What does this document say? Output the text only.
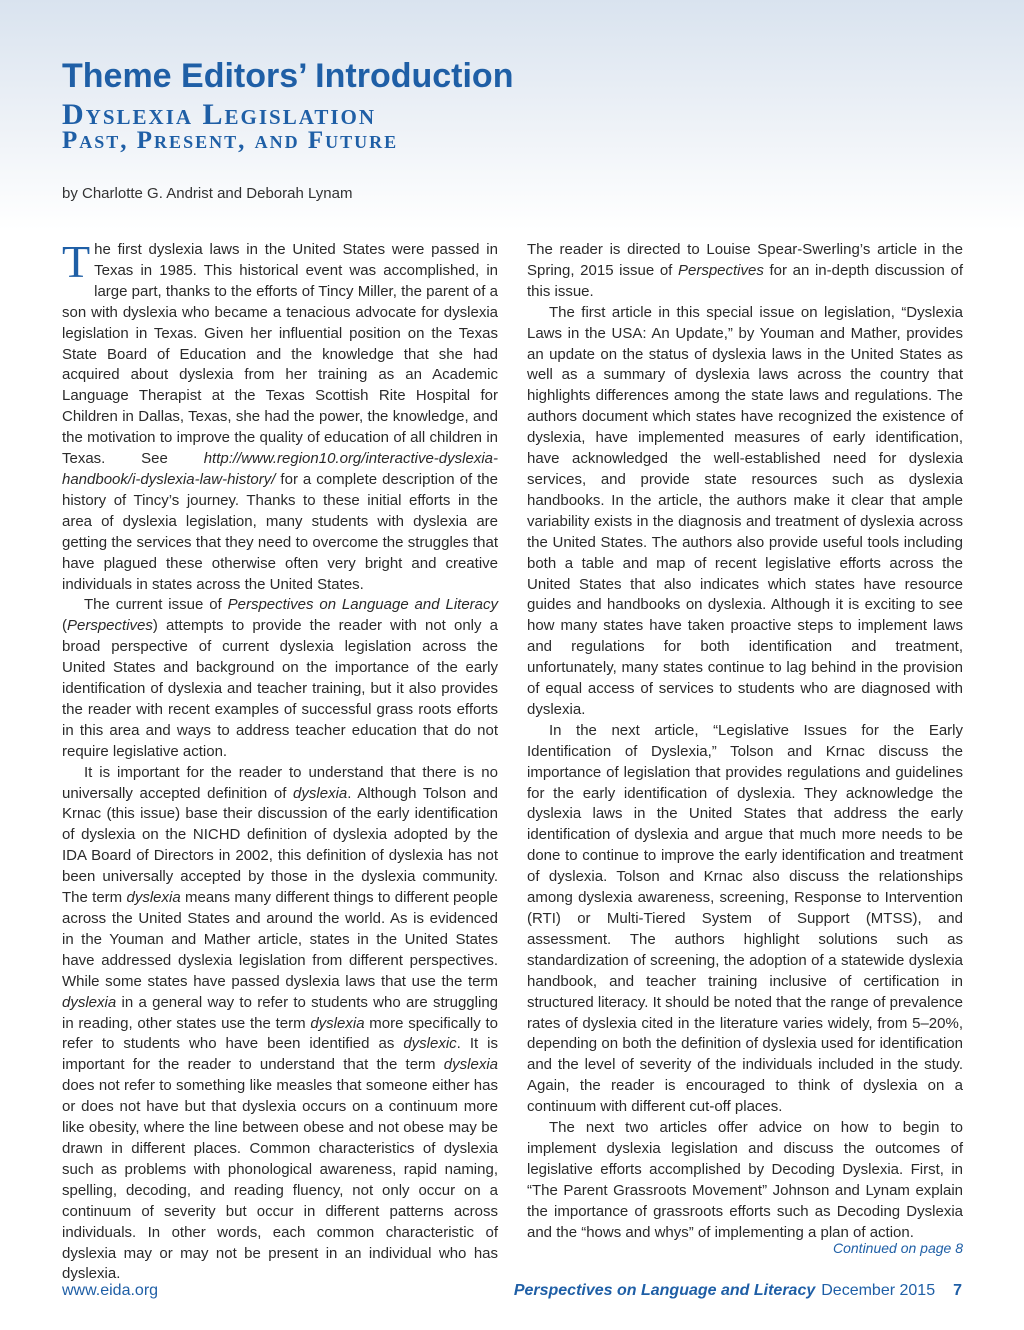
Theme Editors’ Introduction
Dyslexia Legislation
Past, Present, and Future
by Charlotte G. Andrist and Deborah Lynam

The first dyslexia laws in the United States were passed in Texas in 1985. This historical event was accomplished, in large part, thanks to the efforts of Tincy Miller, the parent of a son with dyslexia who became a tenacious advocate for dyslexia legislation in Texas. Given her influential position on the Texas State Board of Education and the knowledge that she had acquired about dyslexia from her training as an Academic Language Therapist at the Texas Scottish Rite Hospital for Children in Dallas, Texas, she had the power, the knowledge, and the motivation to improve the quality of education of all children in Texas. See http://www.region10.org/interactive-dyslexia-handbook/i-dyslexia-law-history/ for a complete description of the history of Tincy’s journey. Thanks to these initial efforts in the area of dyslexia legislation, many students with dyslexia are getting the services that they need to overcome the struggles that have plagued these otherwise often very bright and creative individuals in states across the United States.

The current issue of Perspectives on Language and Literacy (Perspectives) attempts to provide the reader with not only a broad perspective of current dyslexia legislation across the United States and background on the importance of the early identification of dyslexia and teacher training, but it also provides the reader with recent examples of successful grass roots efforts in this area and ways to address teacher education that do not require legislative action.

It is important for the reader to understand that there is no universally accepted definition of dyslexia. Although Tolson and Krnac (this issue) base their discussion of the early identification of dyslexia on the NICHD definition of dyslexia adopted by the IDA Board of Directors in 2002, this definition of dyslexia has not been universally accepted by those in the dyslexia community. The term dyslexia means many different things to different people across the United States and around the world. As is evidenced in the Youman and Mather article, states in the United States have addressed dyslexia legislation from different perspectives. While some states have passed dyslexia laws that use the term dyslexia in a general way to refer to students who are struggling in reading, other states use the term dyslexia more specifically to refer to students who have been identified as dyslexic. It is important for the reader to understand that the term dyslexia does not refer to something like measles that someone either has or does not have but that dyslexia occurs on a continuum more like obesity, where the line between obese and not obese may be drawn in different places. Common characteristics of dyslexia such as problems with phonological awareness, rapid naming, spelling, decoding, and reading fluency, not only occur on a continuum of severity but occur in different patterns across individuals. In other words, each common characteristic of dyslexia may or may not be present in an individual who has dyslexia.

The reader is directed to Louise Spear-Swerling’s article in the Spring, 2015 issue of Perspectives for an in-depth discussion of this issue.

The first article in this special issue on legislation, “Dyslexia Laws in the USA: An Update,” by Youman and Mather, provides an update on the status of dyslexia laws in the United States as well as a summary of dyslexia laws across the country that highlights differences among the state laws and regulations. The authors document which states have recognized the existence of dyslexia, have implemented measures of early identification, have acknowledged the well-established need for dyslexia services, and provide state resources such as dyslexia handbooks. In the article, the authors make it clear that ample variability exists in the diagnosis and treatment of dyslexia across the United States. The authors also provide useful tools including both a table and map of recent legislative efforts across the United States that also indicates which states have resource guides and handbooks on dyslexia. Although it is exciting to see how many states have taken proactive steps to implement laws and regulations for both identification and treatment, unfortunately, many states continue to lag behind in the provision of equal access of services to students who are diagnosed with dyslexia.

In the next article, “Legislative Issues for the Early Identification of Dyslexia,” Tolson and Krnac discuss the importance of legislation that provides regulations and guidelines for the early identification of dyslexia. They acknowledge the dyslexia laws in the United States that address the early identification of dyslexia and argue that much more needs to be done to continue to improve the early identification and treatment of dyslexia. Tolson and Krnac also discuss the relationships among dyslexia awareness, screening, Response to Intervention (RTI) or Multi-Tiered System of Support (MTSS), and assessment. The authors highlight solutions such as standardization of screening, the adoption of a statewide dyslexia handbook, and teacher training inclusive of certification in structured literacy. It should be noted that the range of prevalence rates of dyslexia cited in the literature varies widely, from 5–20%, depending on both the definition of dyslexia used for identification and the level of severity of the individuals included in the study. Again, the reader is encouraged to think of dyslexia on a continuum with different cut-off places.

The next two articles offer advice on how to begin to implement dyslexia legislation and discuss the outcomes of legislative efforts accomplished by Decoding Dyslexia. First, in “The Parent Grassroots Movement” Johnson and Lynam explain the importance of grassroots efforts such as Decoding Dyslexia and the “hows and whys” of implementing a plan of action.

Continued on page 8
www.eida.org	Perspectives on Language and Literacy December 2015 7
